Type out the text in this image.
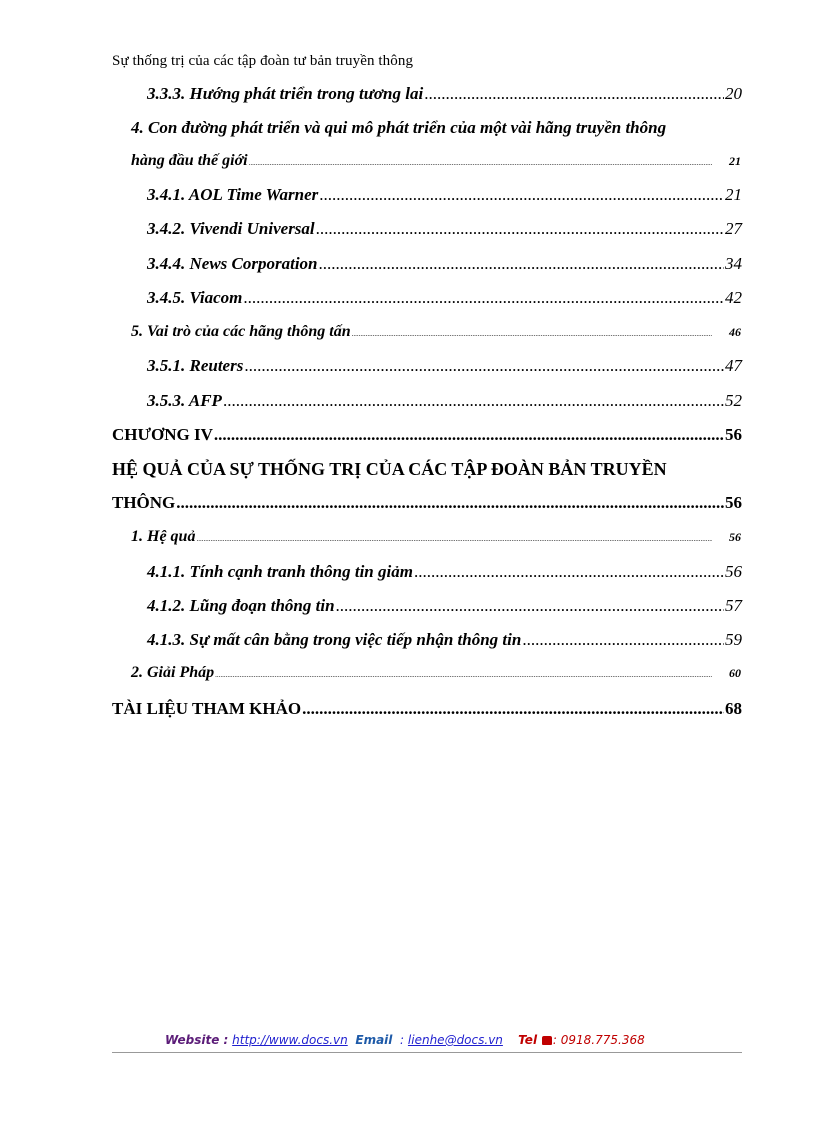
Sự thống trị của các tập đoàn tư bản truyền thông
3.3.3. Hướng phát triển trong tương lai .....	20
4. Con đường phát triển và qui mô phát triển của một vài hãng truyền thông
hàng đầu thế giới .....	21
3.4.1. AOL Time Warner .....	21
3.4.2. Vivendi Universal .....	27
3.4.4. News Corporation .....	34
3.4.5. Viacom .....	42
5. Vai trò của các hãng thông tấn .....	46
3.5.1. Reuters .....	47
3.5.3. AFP .....	52
CHƯƠNG IV .....	56
HỆ QUẢ CỦA SỰ THỐNG TRỊ CỦA CÁC TẬP ĐOÀN BẢN TRUYỀN
THÔNG .....	56
1. Hệ quả .....	56
4.1.1. Tính cạnh tranh thông tin giảm .....	56
4.1.2. Lũng đoạn thông tin .....	57
4.1.3. Sự mất cân bằng trong việc tiếp nhận thông tin .....	59
2. Giải Pháp .....	60
TÀI LIỆU THAM KHẢO .....	68
Website : http://www.docs.vn Email : lienhe@docs.vn Tel : 0918.775.368
